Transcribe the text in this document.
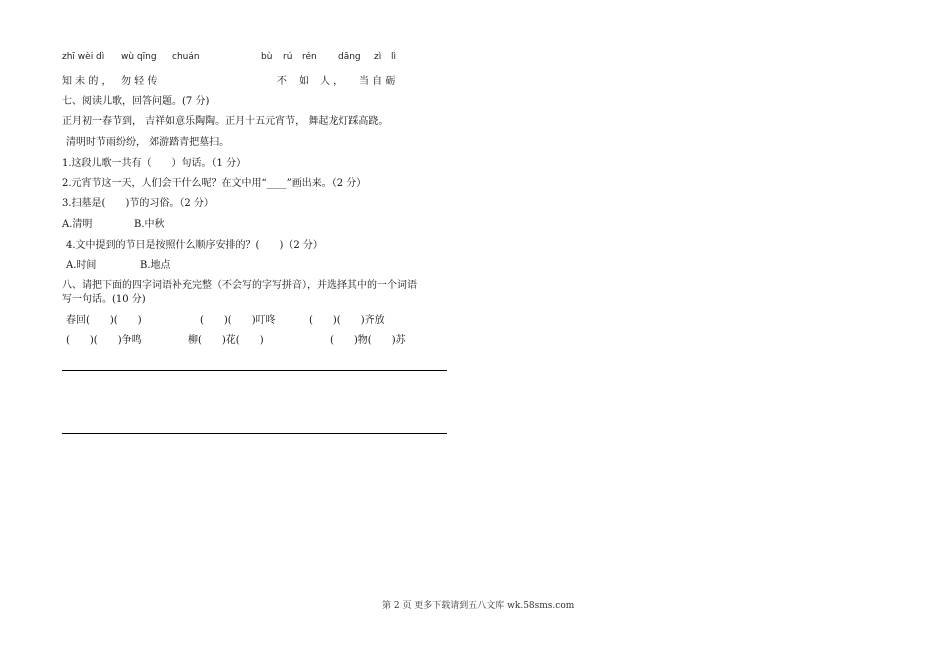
zhī wèi dì wù qīng chuán	bù rú rén dāng zì lì
知 未 的 ， 勿 轻 传	不 如 人 ， 当 自 砺
七、阅读儿歌，回答问题。(7 分)
正月初一春节到， 吉祥如意乐陶陶。正月十五元宵节， 舞起龙灯踩高跷。
清明时节雨纷纷， 郊游踏青把墓扫。
1.这段儿歌一共有（　　）句话。（1 分）
2.元宵节这一天，人们会干什么呢？在文中用“____”画出来。（2 分）
3.扫墓是(　　)节的习俗。（2 分）
A.清明	B.中秋
4.文中提到的节日是按照什么顺序安排的？(　　)（2 分）
A.时间	B.地点
八、请把下面的四字词语补充完整（不会写的字写拼音），并选择其中的一个词语
写一句话。(10 分)
春回(　　)(　　)	(　　)(　　)叮咚	(　　)(　　)齐放
(　　)(　　)争鸣	柳(　　)花(　　)	(　　)物(　　)苏
第 2 页 更多下载请到五八文库 wk.58sms.com
